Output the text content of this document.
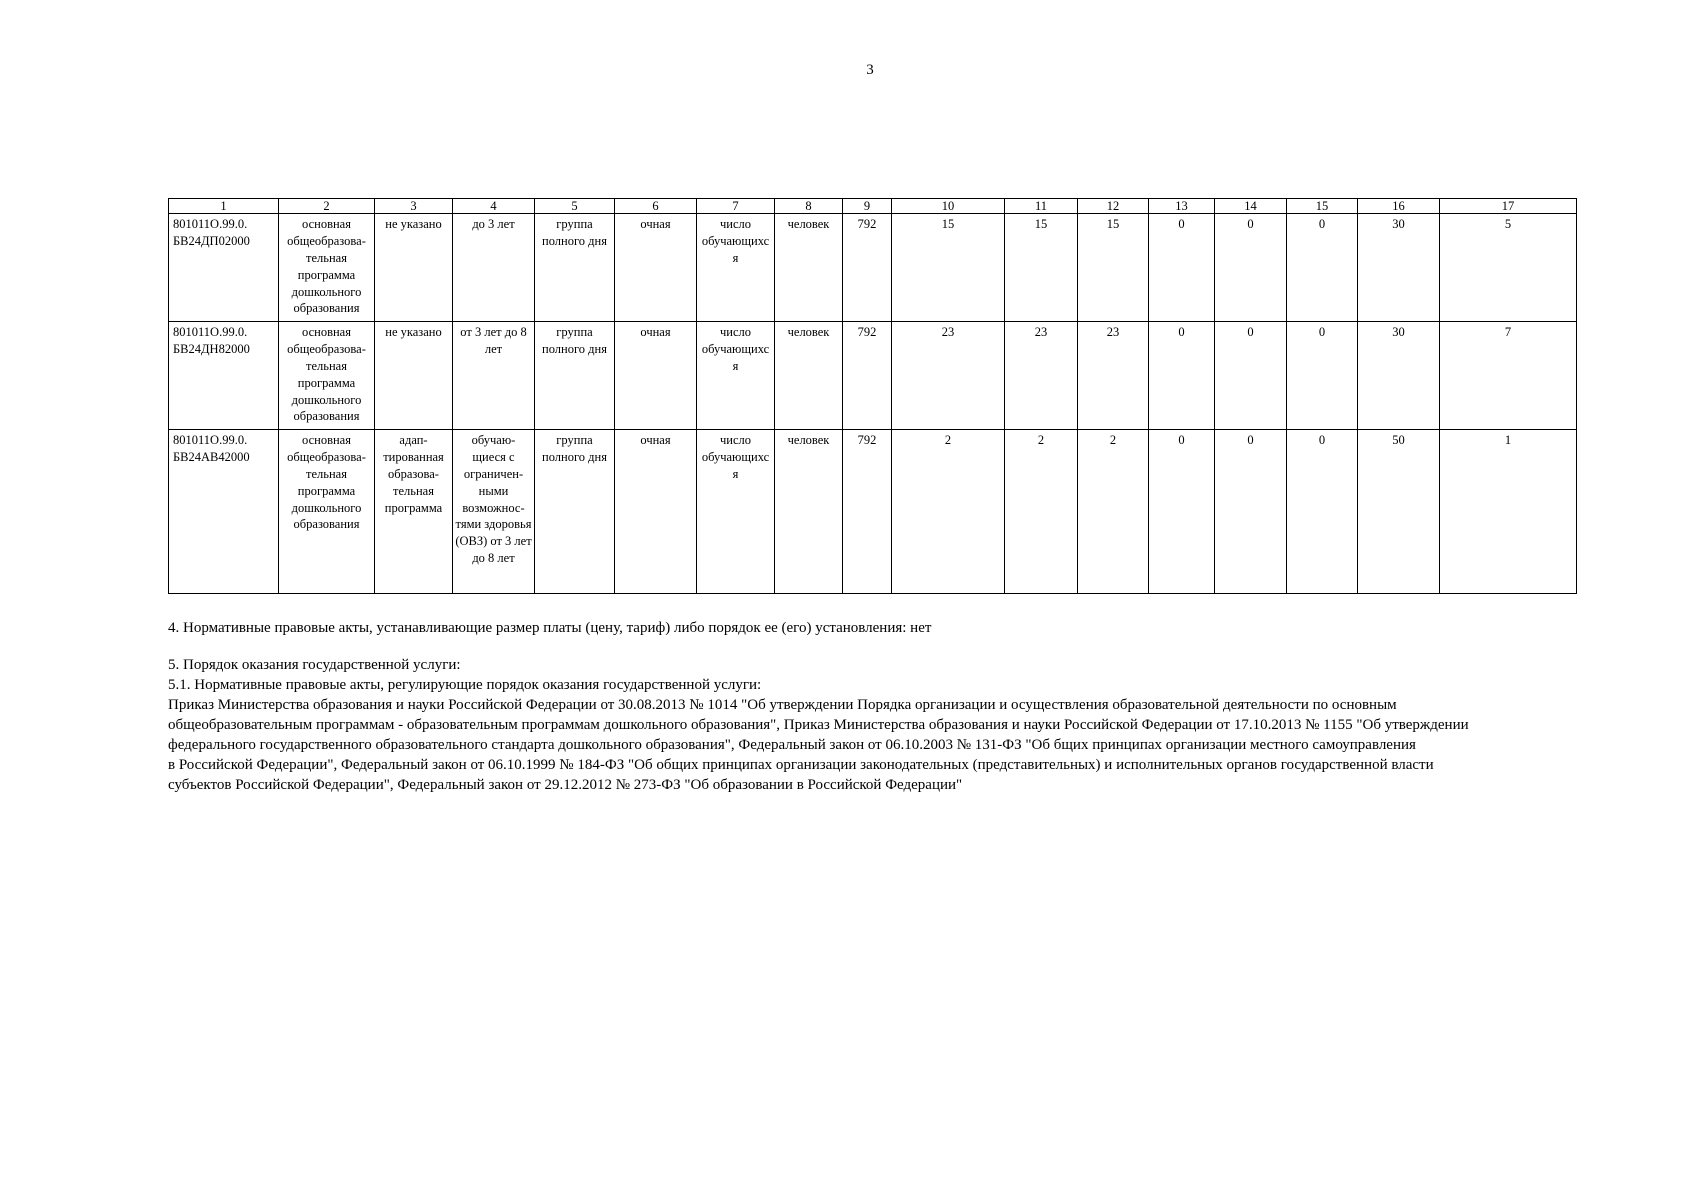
3
1	2	3	4	5	6	7	8	9	10	11	12	13	14	15	16	17
801011О.99.0. БВ24ДП02000	основная общеобразова-тельная программа дошкольного образования	не указано	до 3 лет	группа полного дня	очная	число обучающихся	человек	792	15	15	15	0	0	0	30	5
801011О.99.0. БВ24ДН82000	основная общеобразова-тельная программа дошкольного образования	не указано	от 3 лет до 8 лет	группа полного дня	очная	число обучающихся	человек	792	23	23	23	0	0	0	30	7
801011О.99.0. БВ24АВ42000	основная общеобразова-тельная программа дошкольного образования	адап-тированная образова-тельная программа	обучаю-щиеся с ограничен-ными возможнос-тями здоровья (ОВЗ) от 3 лет до 8 лет	группа полного дня	очная	число обучающихся	человек	792	2	2	2	0	0	0	50	1
4. Нормативные правовые акты, устанавливающие размер платы (цену, тариф) либо порядок ее (его) установления: нет

5. Порядок оказания государственной услуги:

5.1. Нормативные правовые акты, регулирующие порядок оказания государственной услуги:

Приказ Министерства образования и науки Российской Федерации от 30.08.2013 № 1014 "Об утверждении Порядка организации и осуществления образовательной деятельности по основным

общеобразовательным программам - образовательным программам дошкольного образования", Приказ Министерства образования и науки Российской Федерации от 17.10.2013 № 1155 "Об утверждении

федерального государственного образовательного стандарта дошкольного образования", Федеральный закон от 06.10.2003 № 131-ФЗ "Об бщих принципах организации местного самоуправления

в Российской Федерации", Федеральный закон от 06.10.1999 № 184-ФЗ "Об общих принципах организации законодательных (представительных) и исполнительных органов государственной власти

субъектов Российской Федерации", Федеральный закон от 29.12.2012 № 273-ФЗ "Об образовании в Российской Федерации"
